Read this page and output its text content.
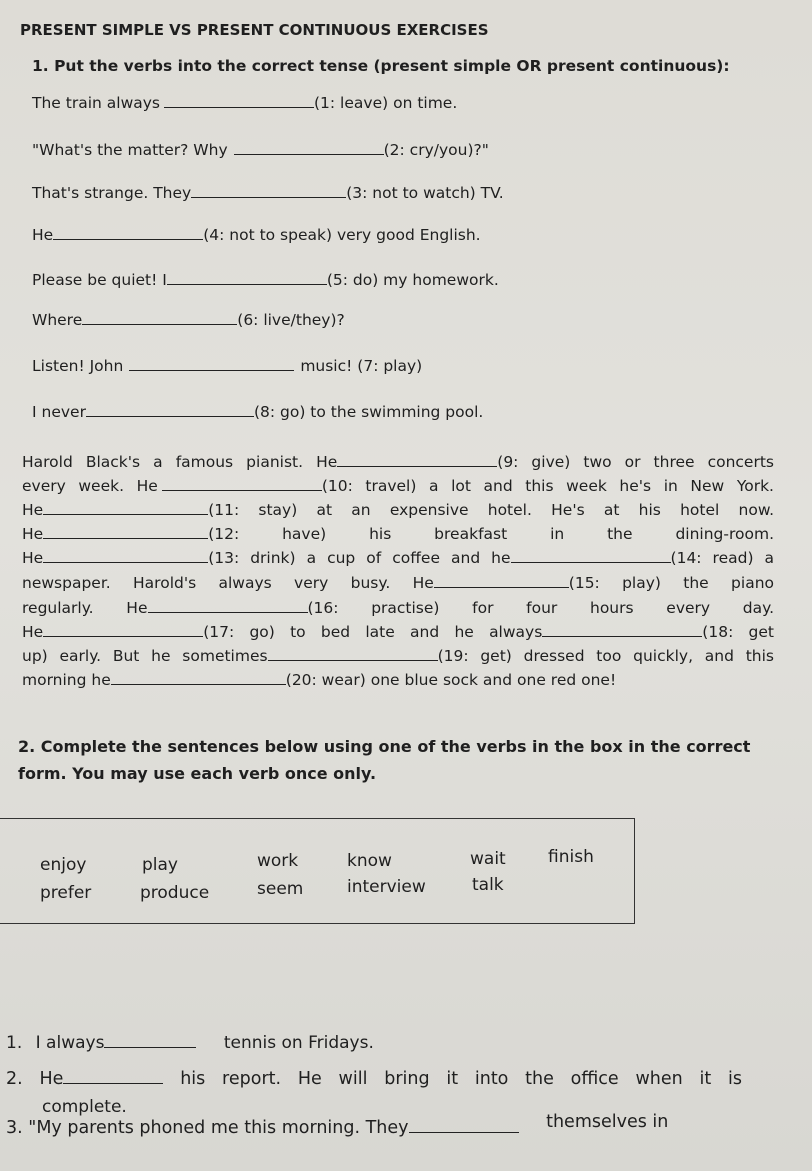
PRESENT SIMPLE VS PRESENT CONTINUOUS EXERCISES
1. Put the verbs into the correct tense (present simple OR present continuous):
The train always	(1: leave) on time.
"What's the matter? Why	(2: cry/you)?"
That's strange. They	(3: not to watch) TV.
He	(4: not to speak) very good English.
Please be quiet! I	(5: do) my homework.
Where	(6: live/they)?
Listen! John	music! (7: play)
I never	(8: go) to the swimming pool.
Harold Black's a famous pianist. He	(9: give) two or three concerts
every week. He	(10: travel) a lot and this week he's in New York.
He	(11: stay) at an expensive hotel. He's at his hotel now.
He	(12: have) his breakfast in the dining-room.
He	(13: drink) a cup of coffee and he	(14: read) a
newspaper. Harold's always very busy. He	(15: play) the piano
regularly. He	(16: practise) for four hours every day.
He	(17: go) to bed late and he always	(18: get
up) early. But he sometimes	(19: get) dressed too quickly, and this
morning he	(20: wear) one blue sock and one red one!
2. Complete the sentences below using one of the verbs in the box in the correct
form. You may use each verb once only.
enjoy	play	work	know	wait finish
prefer	produce	seem	interview	talk
1. I always	tennis on Fridays.
2. He	his report. He will bring it into the office when it is
complete.
3. "My parents phoned me this morning. They	themselves in
